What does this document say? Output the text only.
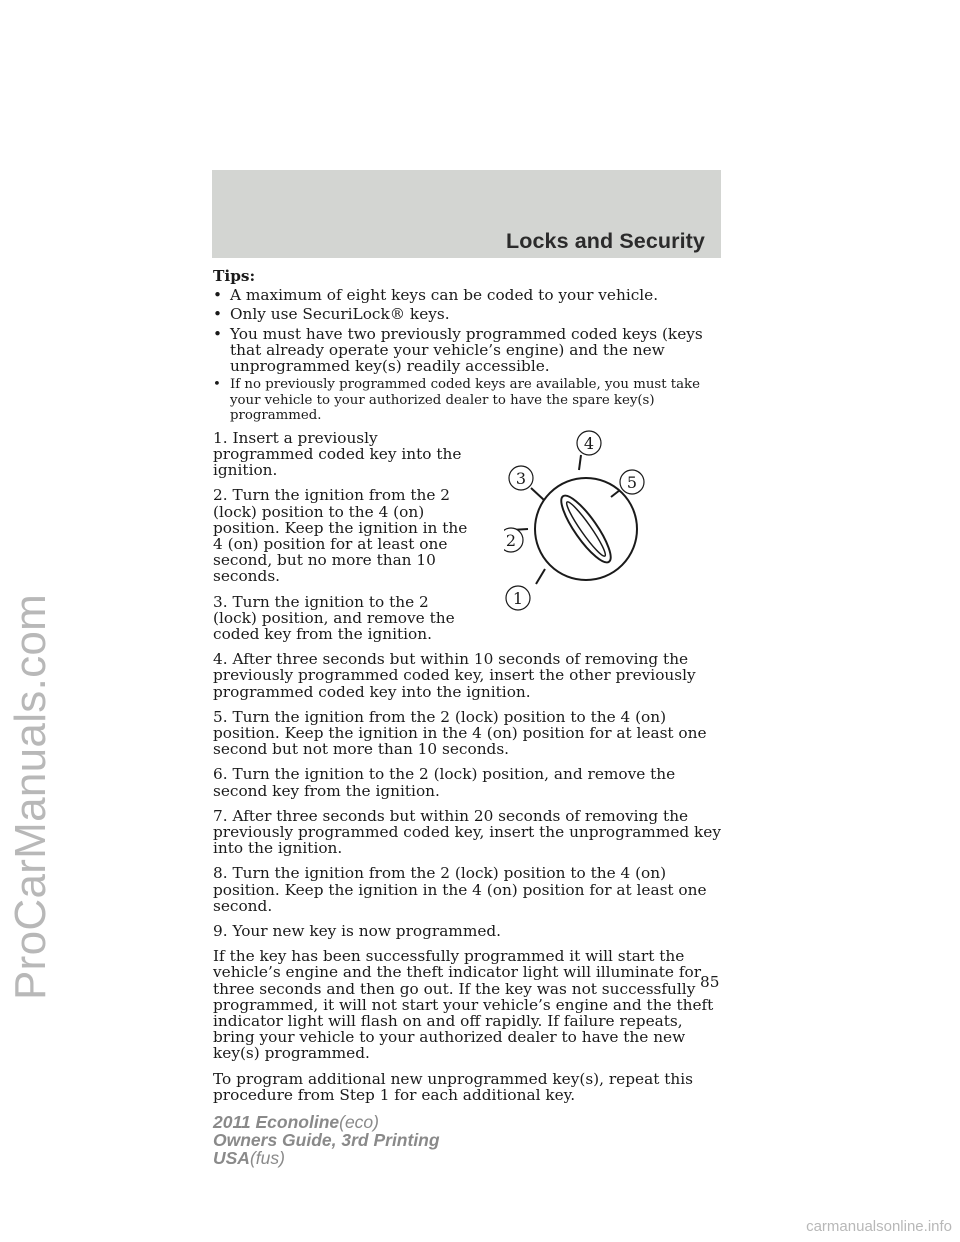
Locks and Security
Tips:
• A maximum of eight keys can be coded to your vehicle.
• Only use SecuriLock® keys.
• You must have two previously programmed coded keys (keys that already operate your vehicle’s engine) and the new unprogrammed key(s) readily accessible.
• If no previously programmed coded keys are available, you must take your vehicle to your authorized dealer to have the spare key(s) programmed.

1. Insert a previously programmed coded key into the ignition.

2. Turn the ignition from the 2 (lock) position to the 4 (on) position. Keep the ignition in the 4 (on) position for at least one second, but no more than 10 seconds.

3. Turn the ignition to the 2 (lock) position, and remove the coded key from the ignition.

1
2
3
4
5

4. After three seconds but within 10 seconds of removing the previously programmed coded key, insert the other previously programmed coded key into the ignition.

5. Turn the ignition from the 2 (lock) position to the 4 (on) position. Keep the ignition in the 4 (on) position for at least one second but not more than 10 seconds.

6. Turn the ignition to the 2 (lock) position, and remove the second key from the ignition.

7. After three seconds but within 20 seconds of removing the previously programmed coded key, insert the unprogrammed key into the ignition.

8. Turn the ignition from the 2 (lock) position to the 4 (on) position. Keep the ignition in the 4 (on) position for at least one second.

9. Your new key is now programmed.

If the key has been successfully programmed it will start the vehicle’s engine and the theft indicator light will illuminate for three seconds and then go out. If the key was not successfully programmed, it will not start your vehicle’s engine and the theft indicator light will flash on and off rapidly. If failure repeats, bring your vehicle to your authorized dealer to have the new key(s) programmed.

To program additional new unprogrammed key(s), repeat this procedure from Step 1 for each additional key.

85
2011 Econoline(eco)
Owners Guide, 3rd Printing
USA(fus)
ProCarManuals.com
carmanualsonline.info
